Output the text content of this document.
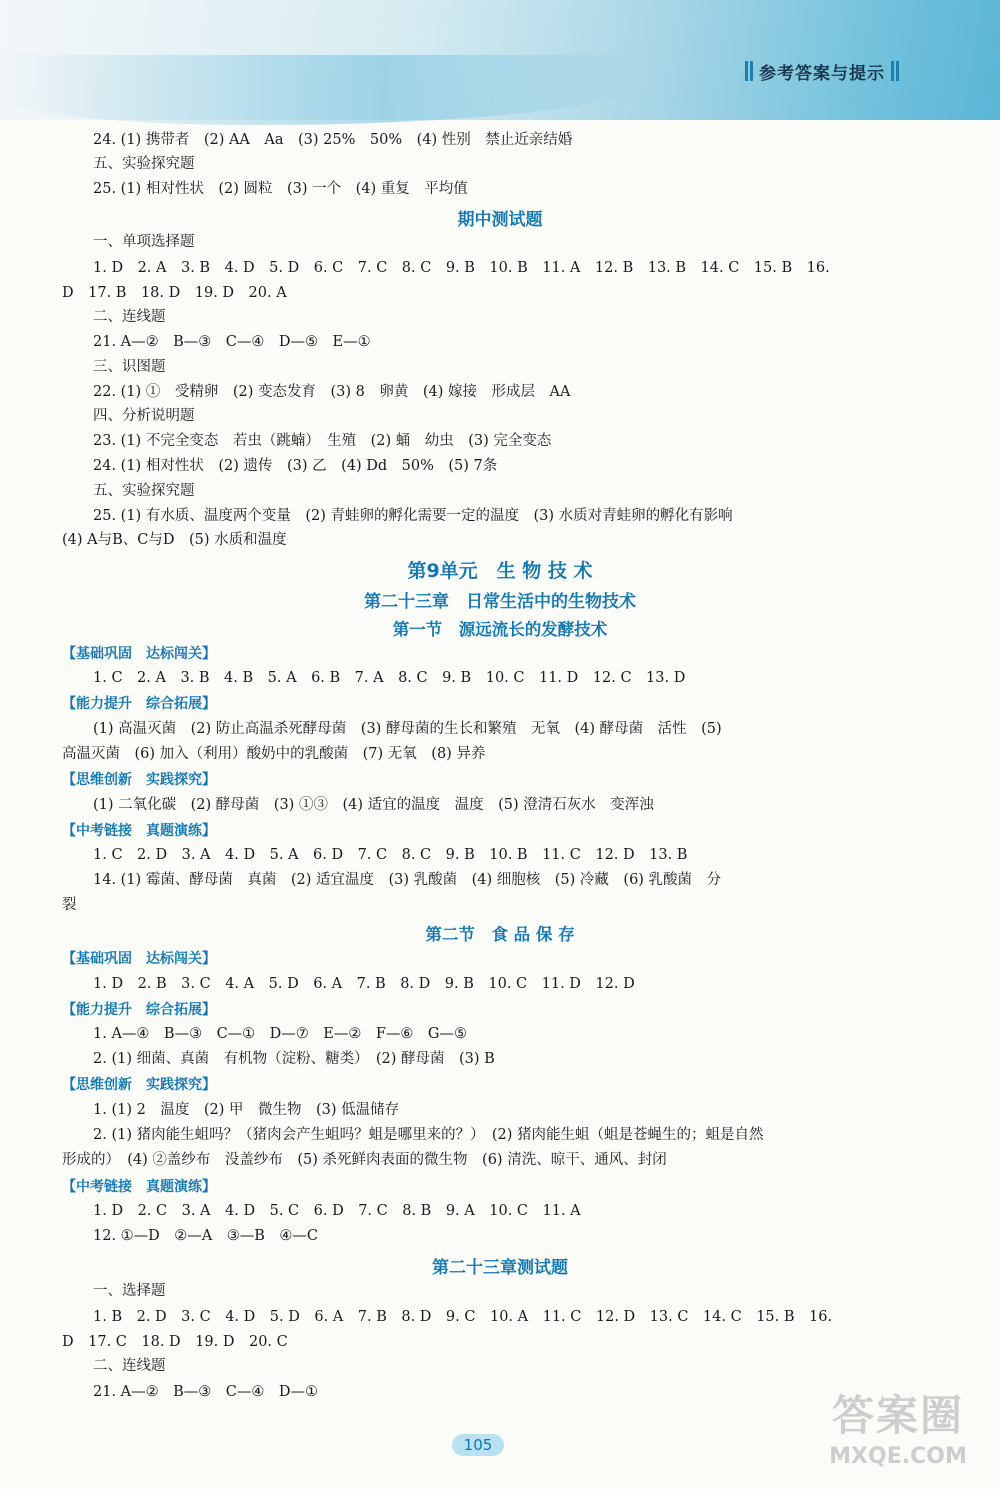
参考答案与提示
24. (1) 携带者　(2) AA　Aa　(3) 25%　50%　(4) 性别　禁止近亲结婚
五、实验探究题
25. (1) 相对性状　(2) 圆粒　(3) 一个　(4) 重复　平均值
期中测试题
一、单项选择题
1. D　2. A　3. B　4. D　5. D　6. C　7. C　8. C　9. B　10. B　11. A　12. B　13. B　14. C　15. B　16.
D　17. B　18. D　19. D　20. A
二、连线题
21. A—②　B—③　C—④　D—⑤　E—①
三、识图题
22. (1) ①　受精卵　(2) 变态发育　(3) 8　卵黄　(4) 嫁接　形成层　AA
四、分析说明题
23. (1) 不完全变态　若虫（跳蝻）　生殖　(2) 蛹　幼虫　(3) 完全变态
24. (1) 相对性状　(2) 遗传　(3) 乙　(4) Dd　50%　(5) 7条
五、实验探究题
25. (1) 有水质、温度两个变量　(2) 青蛙卵的孵化需要一定的温度　(3) 水质对青蛙卵的孵化有影响
(4) A与B、C与D　(5) 水质和温度
第9单元　生 物 技 术
第二十三章　日常生活中的生物技术
第一节　源远流长的发酵技术
【基础巩固　达标闯关】
1. C　2. A　3. B　4. B　5. A　6. B　7. A　8. C　9. B　10. C　11. D　12. C　13. D
【能力提升　综合拓展】
(1) 高温灭菌　(2) 防止高温杀死酵母菌　(3) 酵母菌的生长和繁殖　无氧　(4) 酵母菌　活性　(5)
高温灭菌　(6) 加入（利用）酸奶中的乳酸菌　(7) 无氧　(8) 异养
【思维创新　实践探究】
(1) 二氧化碳　(2) 酵母菌　(3) ①③　(4) 适宜的温度　温度　(5) 澄清石灰水　变浑浊
【中考链接　真题演练】
1. C　2. D　3. A　4. D　5. A　6. D　7. C　8. C　9. B　10. B　11. C　12. D　13. B
14. (1) 霉菌、酵母菌　真菌　(2) 适宜温度　(3) 乳酸菌　(4) 细胞核　(5) 冷藏　(6) 乳酸菌　分
裂
第二节　食 品 保 存
【基础巩固　达标闯关】
1. D　2. B　3. C　4. A　5. D　6. A　7. B　8. D　9. B　10. C　11. D　12. D
【能力提升　综合拓展】
1. A—④　B—③　C—①　D—⑦　E—②　F—⑥　G—⑤
2. (1) 细菌、真菌　有机物（淀粉、糖类）　(2) 酵母菌　(3) B
【思维创新　实践探究】
1. (1) 2　温度　(2) 甲　微生物　(3) 低温储存
2. (1) 猪肉能生蛆吗？（猪肉会产生蛆吗？蛆是哪里来的？）　(2) 猪肉能生蛆（蛆是苍蝇生的；蛆是自然
形成的）　(4) ②盖纱布　没盖纱布　(5) 杀死鲜肉表面的微生物　(6) 清洗、晾干、通风、封闭
【中考链接　真题演练】
1. D　2. C　3. A　4. D　5. C　6. D　7. C　8. B　9. A　10. C　11. A
12. ①—D　②—A　③—B　④—C
第二十三章测试题
一、选择题
1. B　2. D　3. C　4. D　5. D　6. A　7. B　8. D　9. C　10. A　11. C　12. D　13. C　14. C　15. B　16.
D　17. C　18. D　19. D　20. C
二、连线题
21. A—②　B—③　C—④　D—①
105
答案圈
MXQE.COM
